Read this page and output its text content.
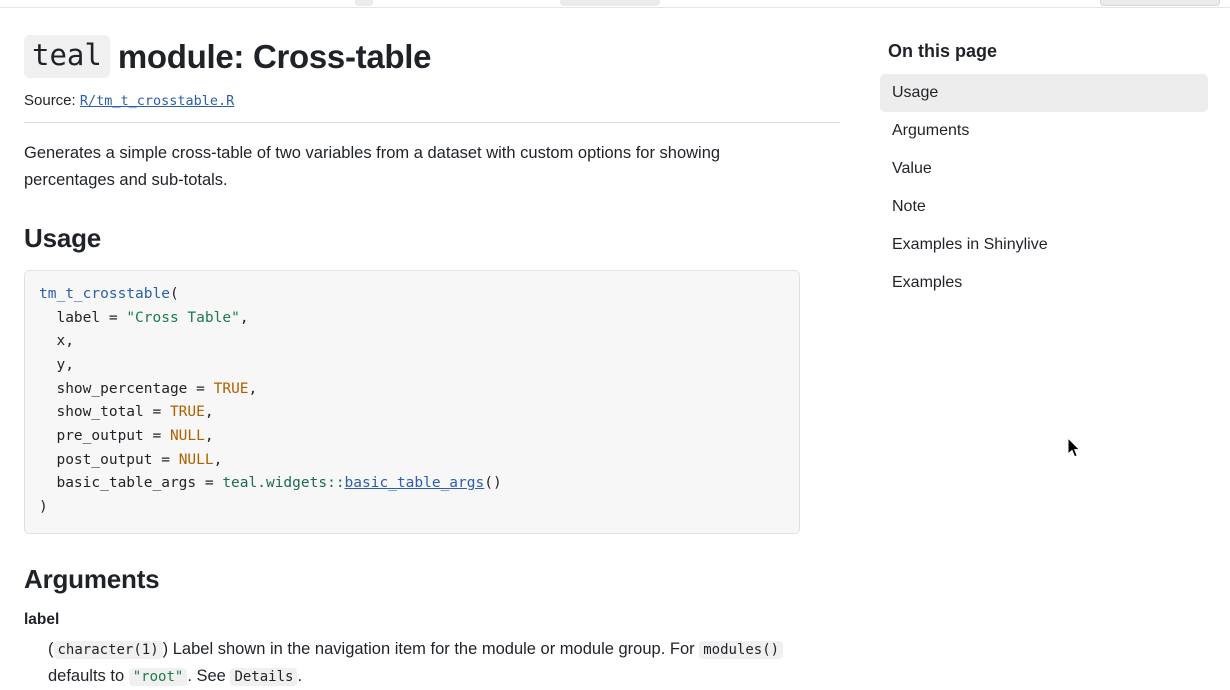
teal module: Cross-table
Source: R/tm_t_crosstable.R

Generates a simple cross-table of two variables from a dataset with custom options for showing percentages and sub-totals.

Usage
tm_t_crosstable(
label = "Cross Table",
x,
y,
show_percentage = TRUE,
show_total = TRUE,
pre_output = NULL,
post_output = NULL,
basic_table_args = teal.widgets::basic_table_args()
)
Arguments
label
( character(1) ) Label shown in the navigation item for the module or module group. For modules() defaults to "root" . See Details .
On this page
Usage
Arguments
Value
Note
Examples in Shinylive
Examples
